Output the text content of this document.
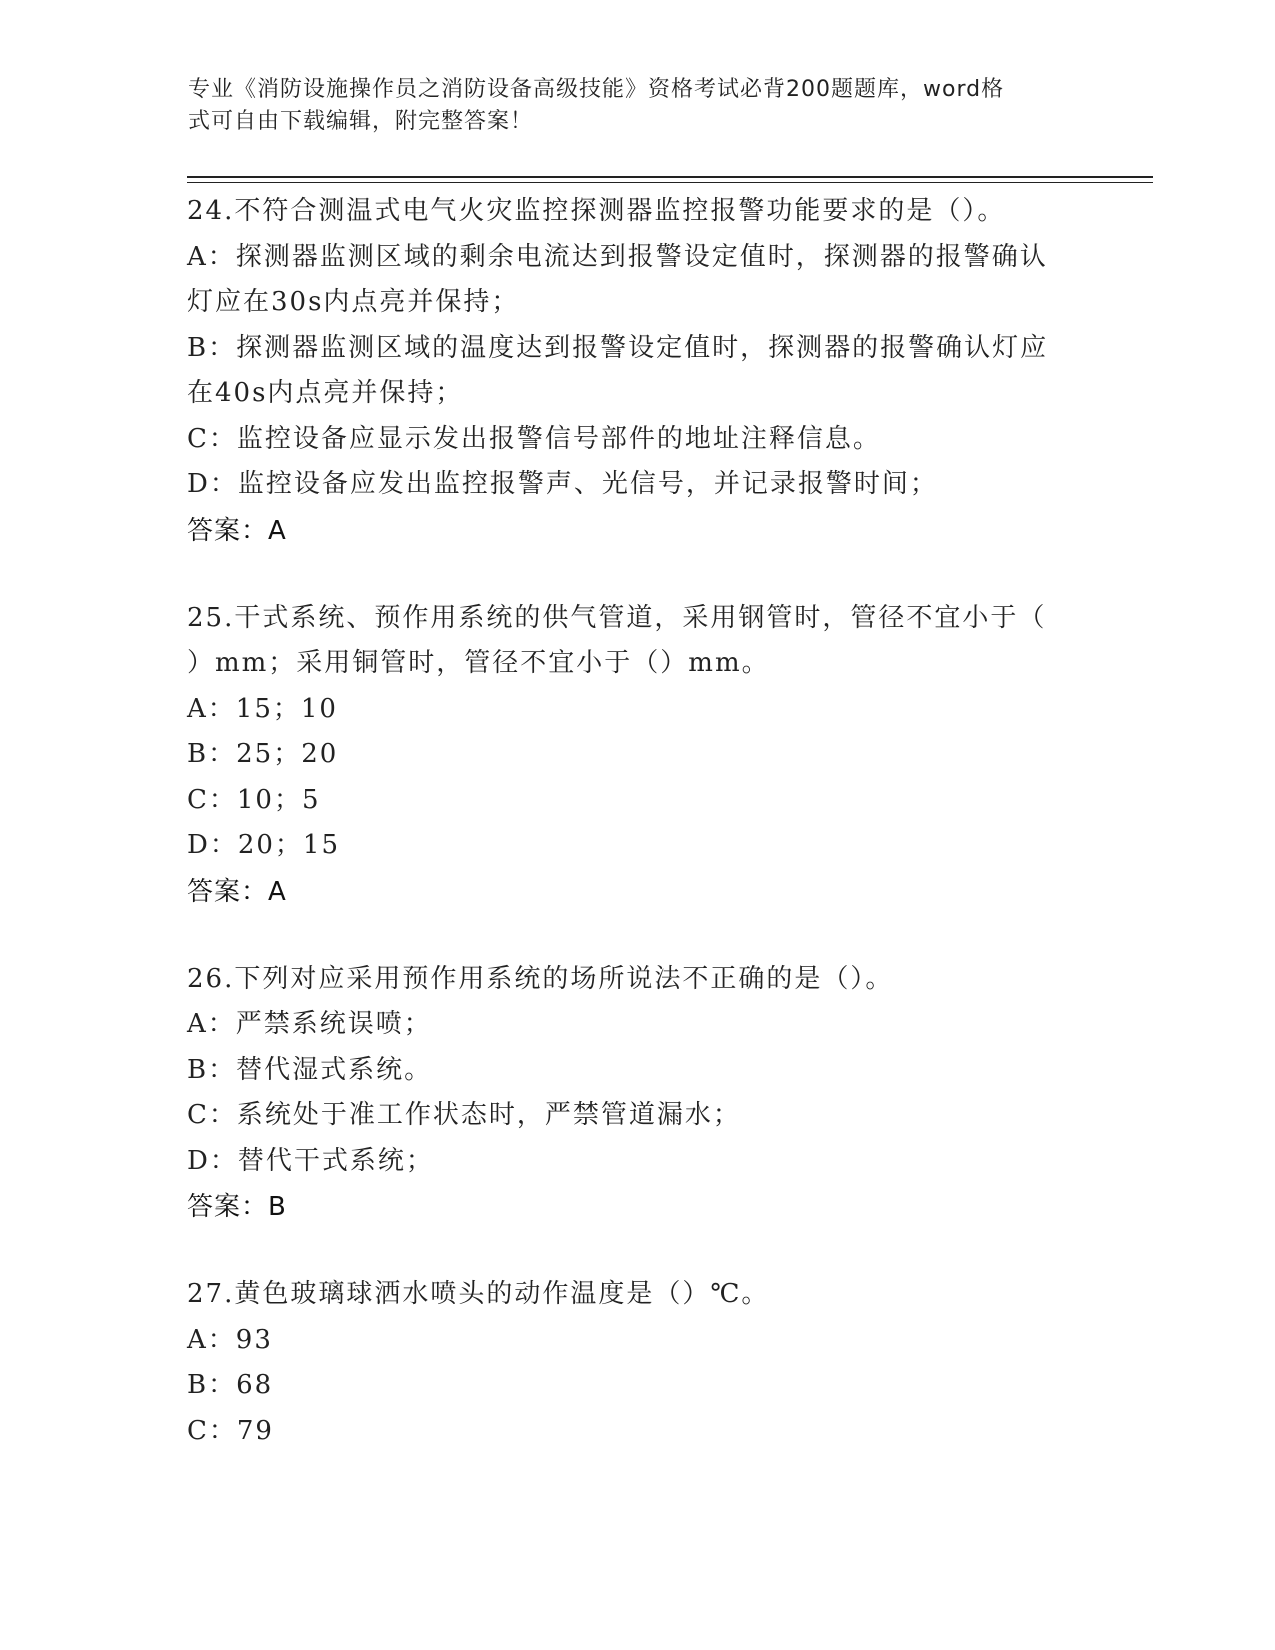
专业《消防设施操作员之消防设备高级技能》资格考试必背200题题库，word格
式可自由下载编辑，附完整答案！
24.不符合测温式电气火灾监控探测器监控报警功能要求的是（）。
A：探测器监测区域的剩余电流达到报警设定值时，探测器的报警确认
灯应在30s内点亮并保持；
B：探测器监测区域的温度达到报警设定值时，探测器的报警确认灯应
在40s内点亮并保持；
C：监控设备应显示发出报警信号部件的地址注释信息。
D：监控设备应发出监控报警声、光信号，并记录报警时间；
答案：A
25.干式系统、预作用系统的供气管道，采用钢管时，管径不宜小于（
）mm；采用铜管时，管径不宜小于（）mm。
A：15；10
B：25；20
C：10；5
D：20；15
答案：A
26.下列对应采用预作用系统的场所说法不正确的是（）。
A：严禁系统误喷；
B：替代湿式系统。
C：系统处于准工作状态时，严禁管道漏水；
D：替代干式系统；
答案：B
27.黄色玻璃球洒水喷头的动作温度是（）℃。
A：93
B：68
C：79
